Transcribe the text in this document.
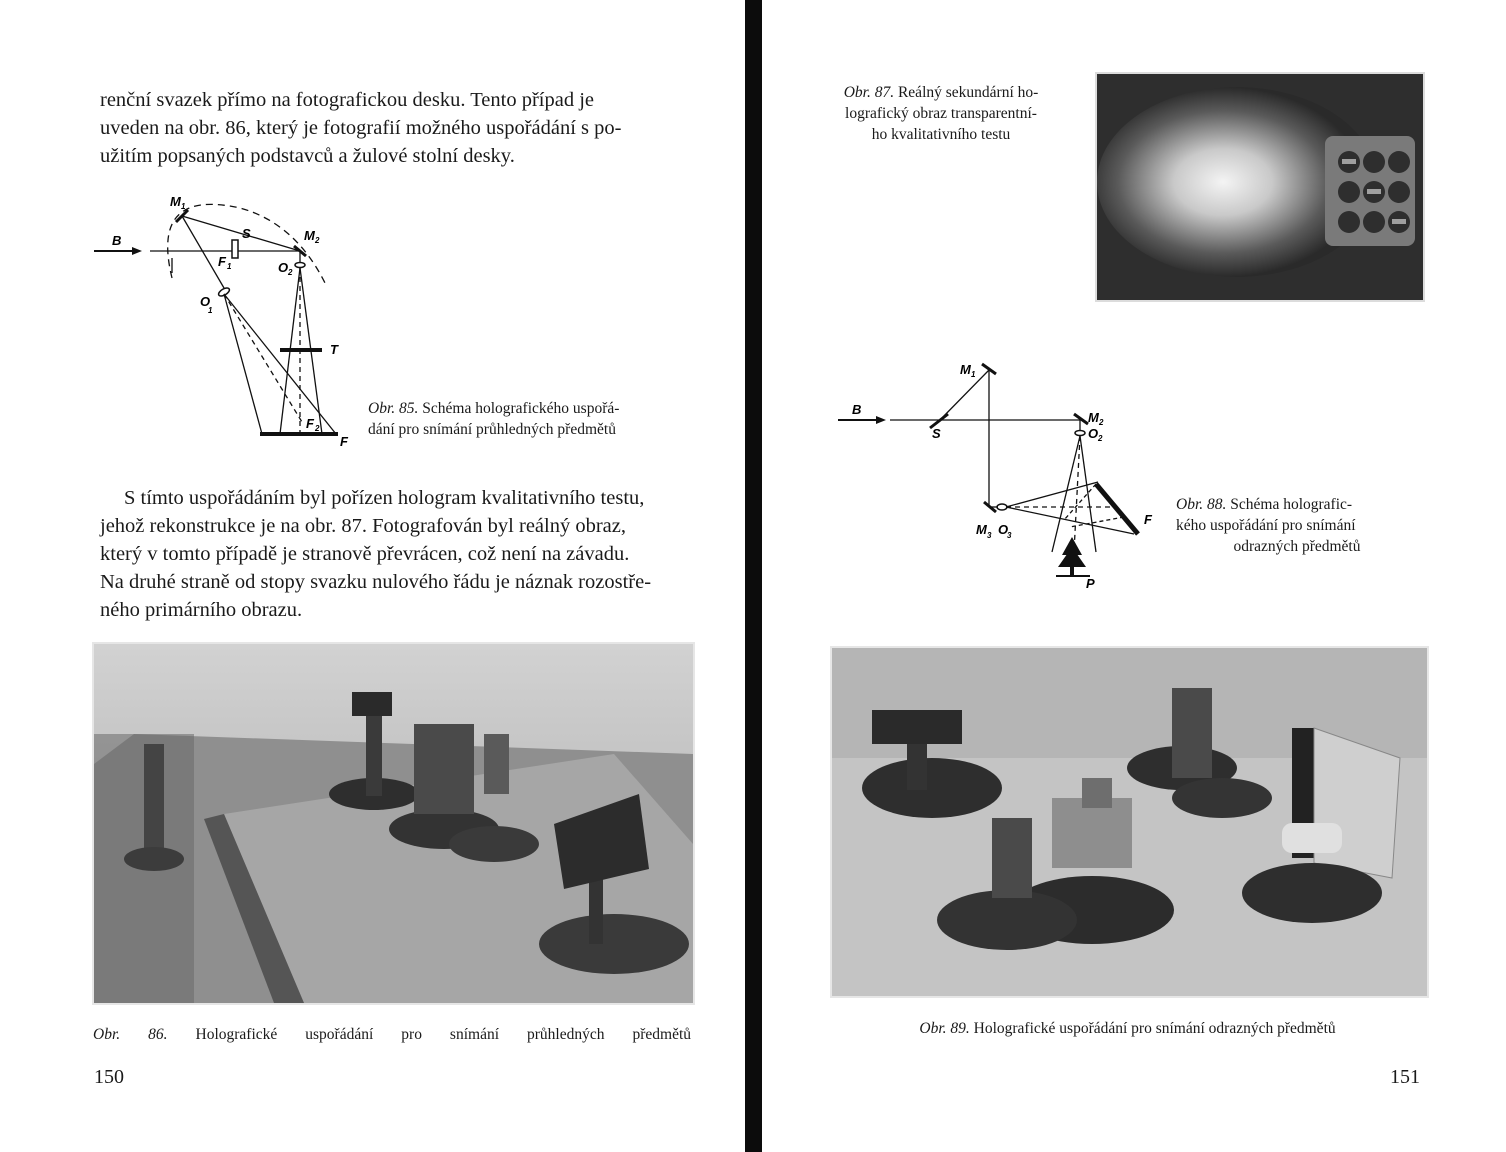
renční svazek přímo na fotografickou desku. Tento případ je
uveden na obr. 86, který je fotografií možného uspořádání s po-
užitím popsaných podstavců a žulové stolní desky.

M 1
B	S	M 2
F 1	O 2
O
1
T
F 2
F

Obr. 85. Schéma holografického uspořá-
dání pro snímání průhledných předmětů

S tímto uspořádáním byl pořízen hologram kvalitativního testu,
jehož rekonstrukce je na obr. 87. Fotografován byl reálný obraz,
který v tomto případě je stranově převrácen, což není na závadu.
Na druhé straně od stopy svazku nulového řádu je náznak rozostře-
ného primárního obrazu.

Obr. 86. Holografické uspořádání pro snímání průhledných předmětů

150

Obr. 87. Reálný sekundární ho-
lografický obraz transparentní-
ho kvalitativního testu

M 1
B
S
M 2
O 2
M 3 O
3
F
P

Obr. 88. Schéma holografic-
kého uspořádání pro snímání
odrazných předmětů

Obr. 89. Holografické uspořádání pro snímání odrazných předmětů

151
